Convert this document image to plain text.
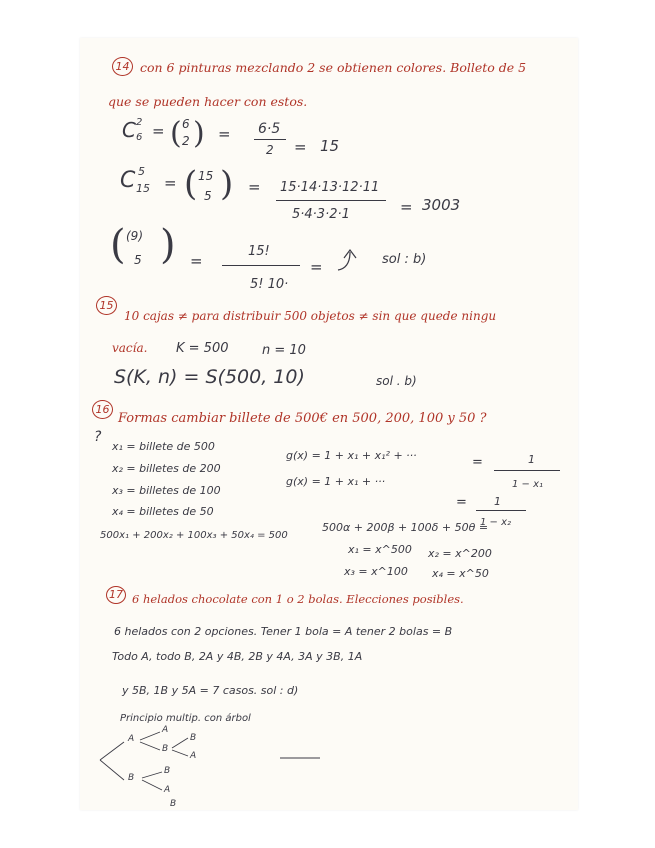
14 con 6 pinturas mezclando 2 se obtienen colores. Bolleto de 5
que se pueden hacer con estos.
C 2
6 = ( 6
2 ) = 6·5
2 = 15
C 5
15 = ( 15
5 ) = 15·14·13·12·11
5·4·3·2·1	= 3003
( (9)
5 ) =
15!
5! 10·
=	sol : b)
15
10 cajas ≠ para distribuir 500 objetos ≠ sin que quede ningu
vacía. K = 500	n = 10
S(K, n) = S(500, 10)	sol . b)
16
Formas cambiar billete de 500€ en 500, 200, 100 y 50 ?
?
x₁ = billete de 500
x₂ = billetes de 200
x₃ = billetes de 100
x₄ = billetes de 50
g(x) = 1 + x₁ + x₁² + ···	=	1
1 − x₁
g(x) = 1 + x₁ + ···
= 1
1 − x₂
500x₁ + 200x₂ + 100x₃ + 50x₄ = 500
500α + 200β + 100δ + 50θ =
x₁ = x^500 x₂ = x^200
x₃ = x^100 x₄ = x^50
17 6 helados chocolate con 1 o 2 bolas. Elecciones posibles.
6 helados con 2 opciones. Tener 1 bola = A tener 2 bolas = B
Todo A, todo B, 2A y 4B, 2B y 4A, 3A y 3B, 1A
y 5B, 1B y 5A = 7 casos. sol : d)
Principio multip. con árbol
A
A
B
B
A
B
B
A
B
